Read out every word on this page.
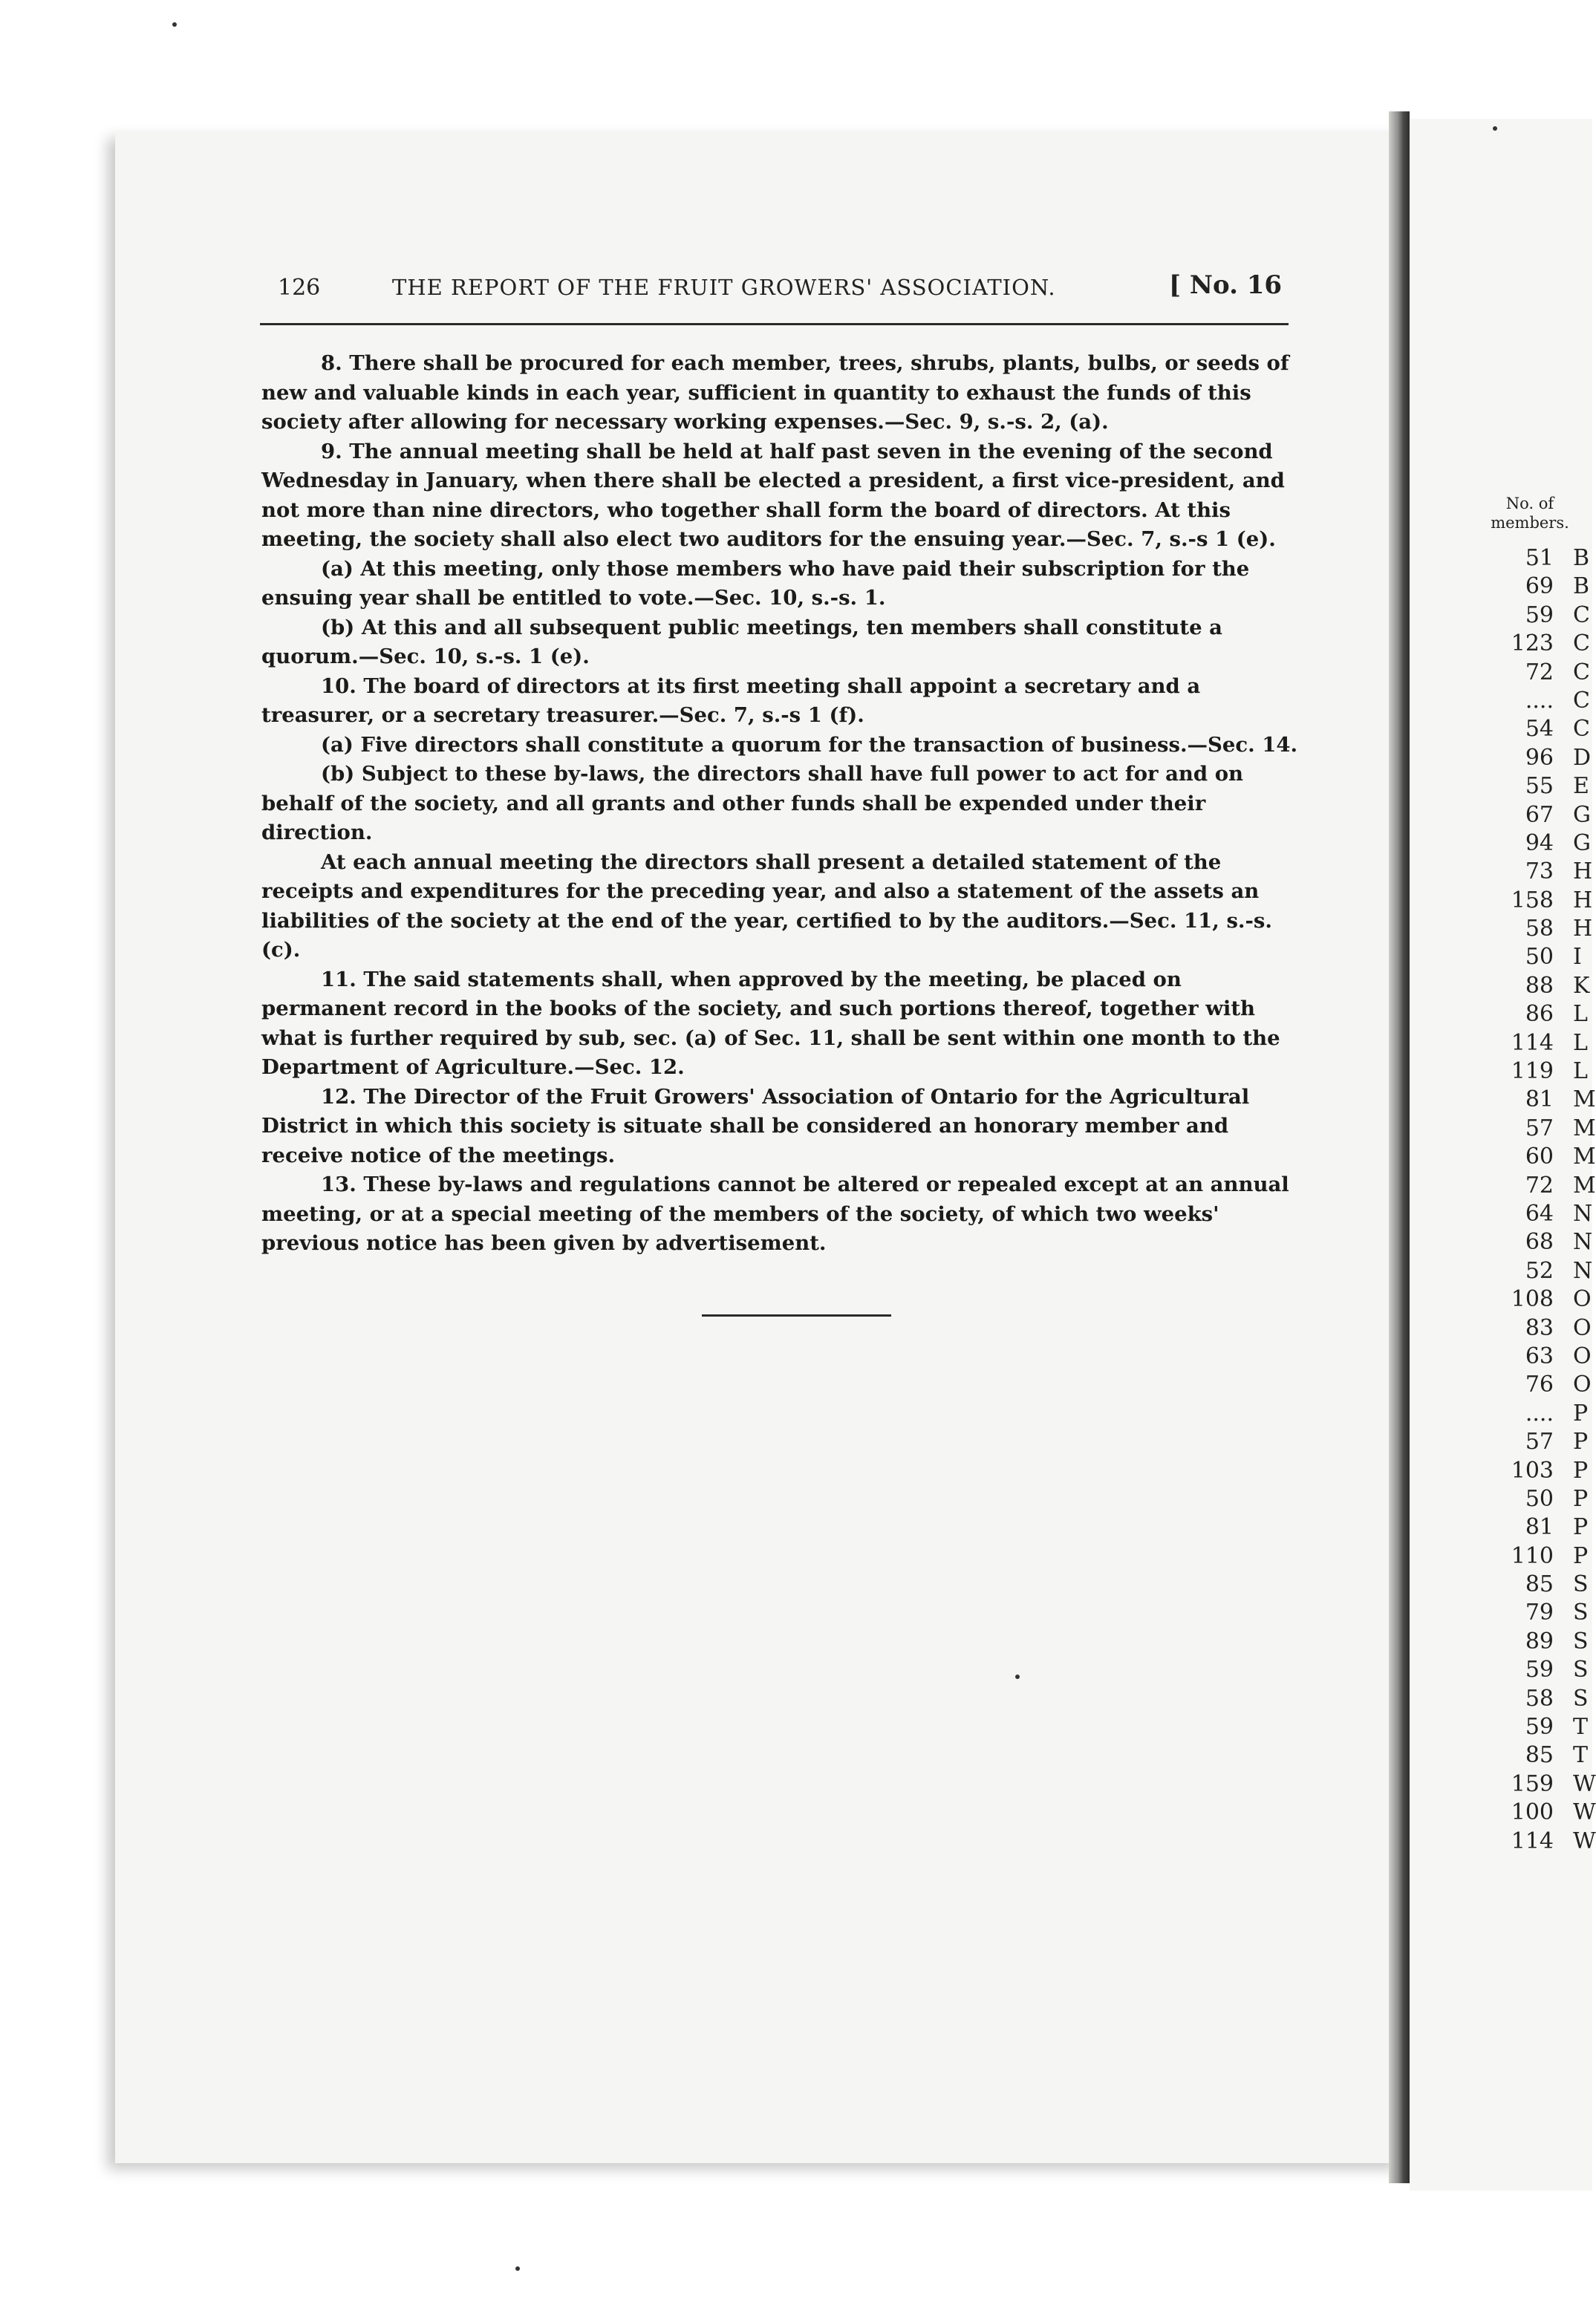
126	THE REPORT OF THE FRUIT GROWERS' ASSOCIATION.	[ No. 16

8. There shall be procured for each member, trees, shrubs, plants, bulbs, or seeds of new and valuable kinds in each year, sufficient in quantity to exhaust the funds of this society after allowing for necessary working expenses.—Sec. 9, s.-s. 2, (a).

9. The annual meeting shall be held at half past seven in the evening of the second Wednesday in January, when there shall be elected a president, a first vice-president, and not more than nine directors, who together shall form the board of directors. At this meeting, the society shall also elect two auditors for the ensuing year.—Sec. 7, s.-s 1 (e).

(a) At this meeting, only those members who have paid their subscription for the ensuing year shall be entitled to vote.—Sec. 10, s.-s. 1.

(b) At this and all subsequent public meetings, ten members shall constitute a quorum.—Sec. 10, s.-s. 1 (e).

10. The board of directors at its first meeting shall appoint a secretary and a treasurer, or a secretary treasurer.—Sec. 7, s.-s 1 (f).

(a) Five directors shall constitute a quorum for the transaction of business.—Sec. 14.

(b) Subject to these by-laws, the directors shall have full power to act for and on behalf of the society, and all grants and other funds shall be expended under their direction.

At each annual meeting the directors shall present a detailed statement of the receipts and expenditures for the preceding year, and also a statement of the assets an liabilities of the society at the end of the year, certified to by the auditors.—Sec. 11, s.-s. (c).

11. The said statements shall, when approved by the meeting, be placed on permanent record in the books of the society, and such portions thereof, together with what is further required by sub, sec. (a) of Sec. 11, shall be sent within one month to the Department of Agriculture.—Sec. 12.

12. The Director of the Fruit Growers' Association of Ontario for the Agricultural District in which this society is situate shall be considered an honorary member and receive notice of the meetings.

13. These by-laws and regulations cannot be altered or repealed except at an annual meeting, or at a special meeting of the members of the society, of which two weeks' previous notice has been given by advertisement.

No. of
members.
51 B
69 B
59 C
123 C
72 C
.... C
54 C
96 D
55 E
67 G
94 G
73 H
158 H
58 H
50 I
88 K
86 L
114 L
119 L
81 M
57 M
60 M
72 M
64 N
68 N
52 N
108 O
83 O
63 O
76 O
.... P
57 P
103 P
50 P
81 P
110 P
85 S
79 S
89 S
59 S
58 S
59 T
85 T
159 W
100 W
114 W
